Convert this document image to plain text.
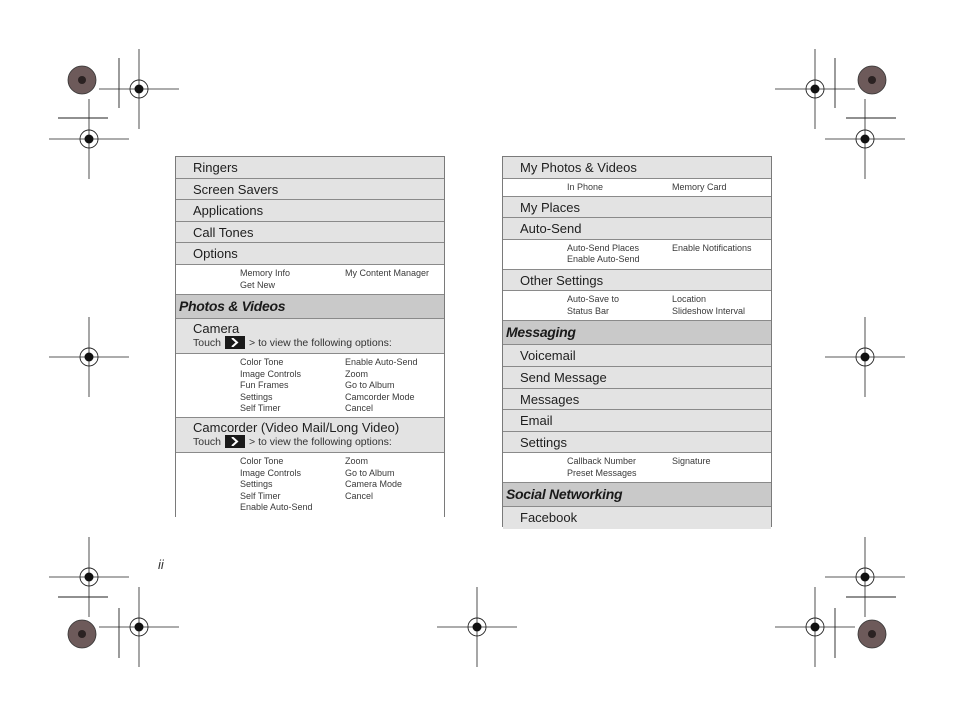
Ringers
Screen Savers
Applications
Call Tones
Options
Memory Info	My Content Manager
Get New
Photos & Videos
Camera
Touch	> to view the following options:
Color Tone	Enable Auto-Send
Image Controls	Zoom
Fun Frames	Go to Album
Settings	Camcorder Mode
Self Timer	Cancel
Camcorder (Video Mail/Long Video)
Touch	> to view the following options:
Color Tone	Zoom
Image Controls	Go to Album
Settings	Camera Mode
Self Timer	Cancel
Enable Auto-Send
My Photos & Videos
In Phone	Memory Card
My Places
Auto-Send
Auto-Send Places	Enable Notifications
Enable Auto-Send
Other Settings
Auto-Save to	Location
Status Bar	Slideshow Interval
Messaging
Voicemail
Send Message
Messages
Email
Settings
Callback Number	Signature
Preset Messages
Social Networking
Facebook
ii
